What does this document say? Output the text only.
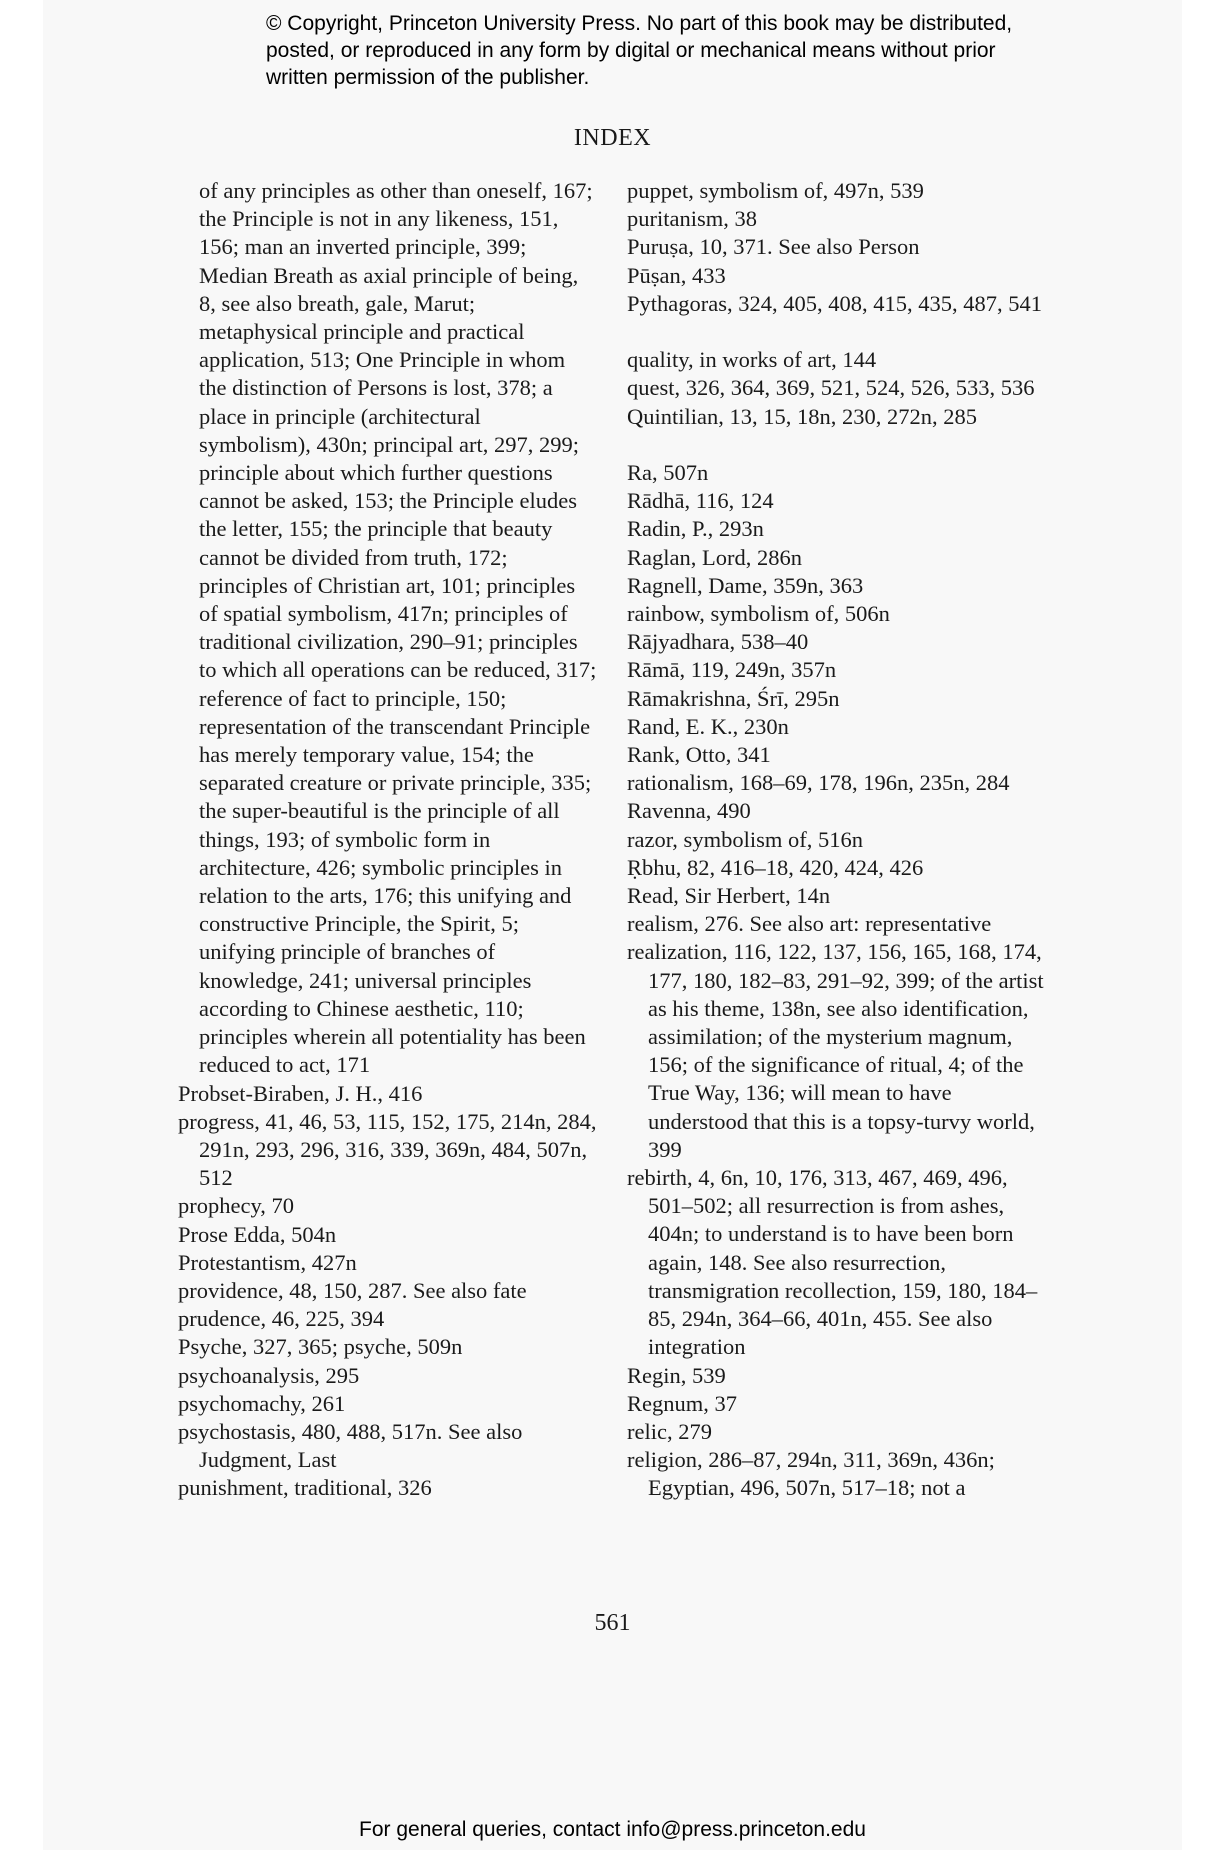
© Copyright, Princeton University Press. No part of this book may be distributed, posted, or reproduced in any form by digital or mechanical means without prior written permission of the publisher.
INDEX
of any principles as other than oneself, 167; the Principle is not in any likeness, 151, 156; man an inverted principle, 399; Median Breath as axial principle of being, 8, see also breath, gale, Marut; metaphysical principle and practical application, 513; One Principle in whom the distinction of Persons is lost, 378; a place in principle (architectural symbolism), 430n; principal art, 297, 299; principle about which further questions cannot be asked, 153; the Principle eludes the letter, 155; the principle that beauty cannot be divided from truth, 172; principles of Christian art, 101; principles of spatial symbolism, 417n; principles of traditional civilization, 290–91; principles to which all operations can be reduced, 317; reference of fact to principle, 150; representation of the transcendant Principle has merely temporary value, 154; the separated creature or private principle, 335; the super-beautiful is the principle of all things, 193; of symbolic form in architecture, 426; symbolic principles in relation to the arts, 176; this unifying and constructive Principle, the Spirit, 5; unifying principle of branches of knowledge, 241; universal principles according to Chinese aesthetic, 110; principles wherein all potentiality has been reduced to act, 171
Probset-Biraben, J. H., 416
progress, 41, 46, 53, 115, 152, 175, 214n, 284, 291n, 293, 296, 316, 339, 369n, 484, 507n, 512
prophecy, 70
Prose Edda, 504n
Protestantism, 427n
providence, 48, 150, 287. See also fate
prudence, 46, 225, 394
Psyche, 327, 365; psyche, 509n
psychoanalysis, 295
psychomachy, 261
psychostasis, 480, 488, 517n. See also Judgment, Last
punishment, traditional, 326
puppet, symbolism of, 497n, 539
puritanism, 38
Puruṣa, 10, 371. See also Person
Pūṣan, 433
Pythagoras, 324, 405, 408, 415, 435, 487, 541
quality, in works of art, 144
quest, 326, 364, 369, 521, 524, 526, 533, 536
Quintilian, 13, 15, 18n, 230, 272n, 285
Ra, 507n
Rādhā, 116, 124
Radin, P., 293n
Raglan, Lord, 286n
Ragnell, Dame, 359n, 363
rainbow, symbolism of, 506n
Rājyadhara, 538–40
Rāmā, 119, 249n, 357n
Rāmakrishna, Śrī, 295n
Rand, E. K., 230n
Rank, Otto, 341
rationalism, 168–69, 178, 196n, 235n, 284
Ravenna, 490
razor, symbolism of, 516n
Ṛbhu, 82, 416–18, 420, 424, 426
Read, Sir Herbert, 14n
realism, 276. See also art: representative
realization, 116, 122, 137, 156, 165, 168, 174, 177, 180, 182–83, 291–92, 399; of the artist as his theme, 138n, see also identification, assimilation; of the mysterium magnum, 156; of the significance of ritual, 4; of the True Way, 136; will mean to have understood that this is a topsy-turvy world, 399
rebirth, 4, 6n, 10, 176, 313, 467, 469, 496, 501–502; all resurrection is from ashes, 404n; to understand is to have been born again, 148. See also resurrection, transmigration recollection, 159, 180, 184–85, 294n, 364–66, 401n, 455. See also integration
Regin, 539
Regnum, 37
relic, 279
religion, 286–87, 294n, 311, 369n, 436n; Egyptian, 496, 507n, 517–18; not a
561
For general queries, contact info@press.princeton.edu
